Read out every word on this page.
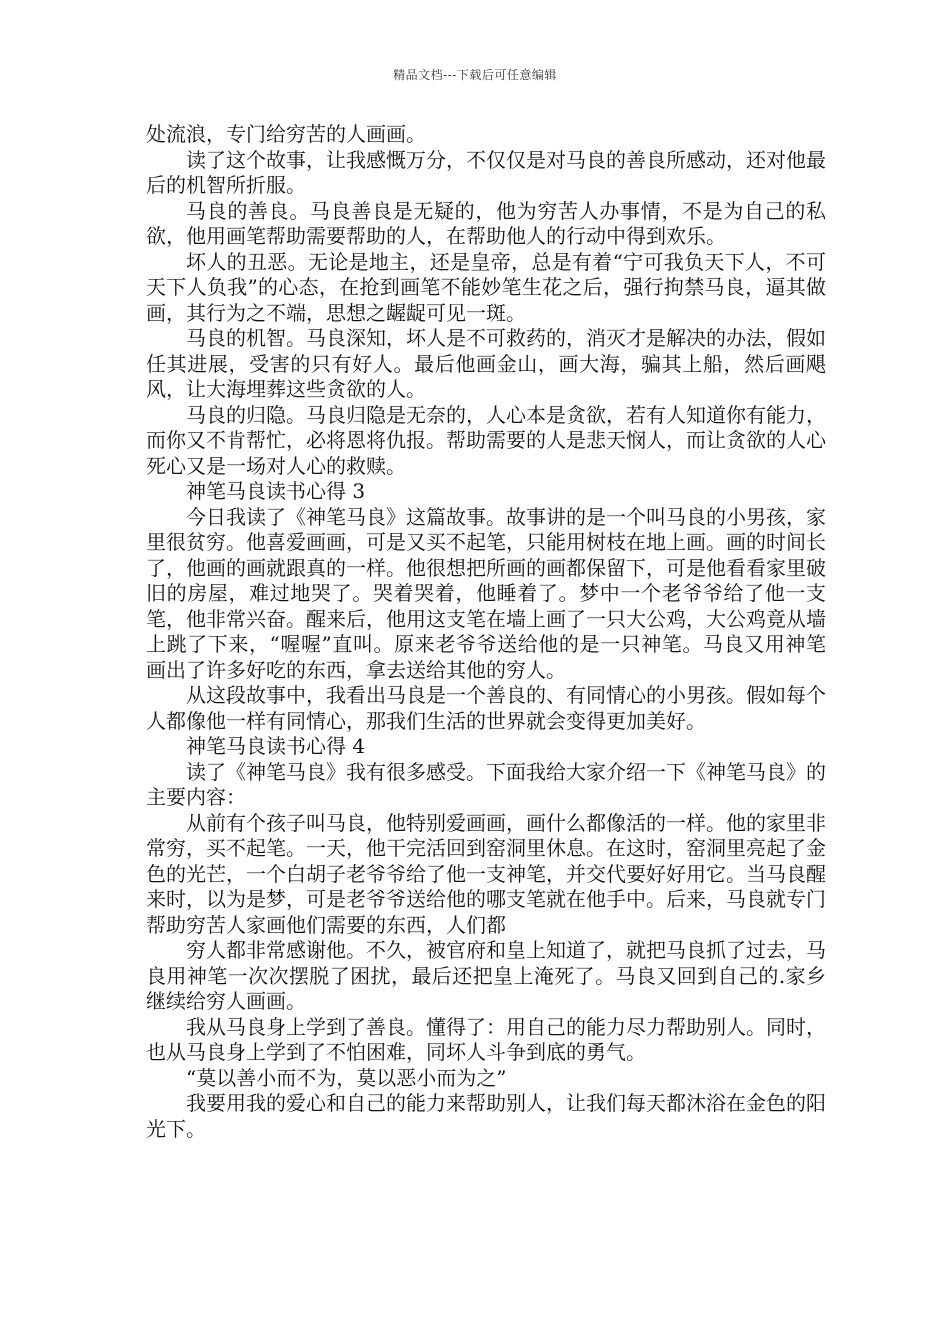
精品文档---下载后可任意编辑

处流浪，专门给穷苦的人画画。

读了这个故事，让我感慨万分，不仅仅是对马良的善良所感动，还对他最后的机智所折服。

马良的善良。马良善良是无疑的，他为穷苦人办事情，不是为自己的私欲，他用画笔帮助需要帮助的人，在帮助他人的行动中得到欢乐。

坏人的丑恶。无论是地主，还是皇帝，总是有着“宁可我负天下人，不可天下人负我”的心态，在抢到画笔不能妙笔生花之后，强行拘禁马良，逼其做画，其行为之不端，思想之龌龊可见一斑。

马良的机智。马良深知，坏人是不可救药的，消灭才是解决的办法，假如任其进展，受害的只有好人。最后他画金山，画大海，骗其上船，然后画飓风，让大海埋葬这些贪欲的人。

马良的归隐。马良归隐是无奈的，人心本是贪欲，若有人知道你有能力，而你又不肯帮忙，必将恩将仇报。帮助需要的人是悲天悯人，而让贪欲的人心死心又是一场对人心的救赎。

神笔马良读书心得 3

今日我读了《神笔马良》这篇故事。故事讲的是一个叫马良的小男孩，家里很贫穷。他喜爱画画，可是又买不起笔，只能用树枝在地上画。画的时间长了，他画的画就跟真的一样。他很想把所画的画都保留下，可是他看看家里破旧的房屋，难过地哭了。哭着哭着，他睡着了。梦中一个老爷爷给了他一支笔，他非常兴奋。醒来后，他用这支笔在墙上画了一只大公鸡，大公鸡竟从墙上跳了下来，“喔喔”直叫。原来老爷爷送给他的是一只神笔。马良又用神笔画出了许多好吃的东西，拿去送给其他的穷人。

从这段故事中，我看出马良是一个善良的、有同情心的小男孩。假如每个人都像他一样有同情心，那我们生活的世界就会变得更加美好。

神笔马良读书心得 4

读了《神笔马良》我有很多感受。下面我给大家介绍一下《神笔马良》的主要内容：

从前有个孩子叫马良，他特别爱画画，画什么都像活的一样。他的家里非常穷，买不起笔。一天，他干完活回到窑洞里休息。在这时，窑洞里亮起了金色的光芒，一个白胡子老爷爷给了他一支神笔，并交代要好好用它。当马良醒来时，以为是梦，可是老爷爷送给他的哪支笔就在他手中。后来，马良就专门帮助穷苦人家画他们需要的东西，人们都

穷人都非常感谢他。不久，被官府和皇上知道了，就把马良抓了过去，马良用神笔一次次摆脱了困扰，最后还把皇上淹死了。马良又回到自己的.家乡继续给穷人画画。

我从马良身上学到了善良。懂得了：用自己的能力尽力帮助别人。同时，也从马良身上学到了不怕困难，同坏人斗争到底的勇气。

“莫以善小而不为，莫以恶小而为之”

我要用我的爱心和自己的能力来帮助别人，让我们每天都沐浴在金色的阳光下。
